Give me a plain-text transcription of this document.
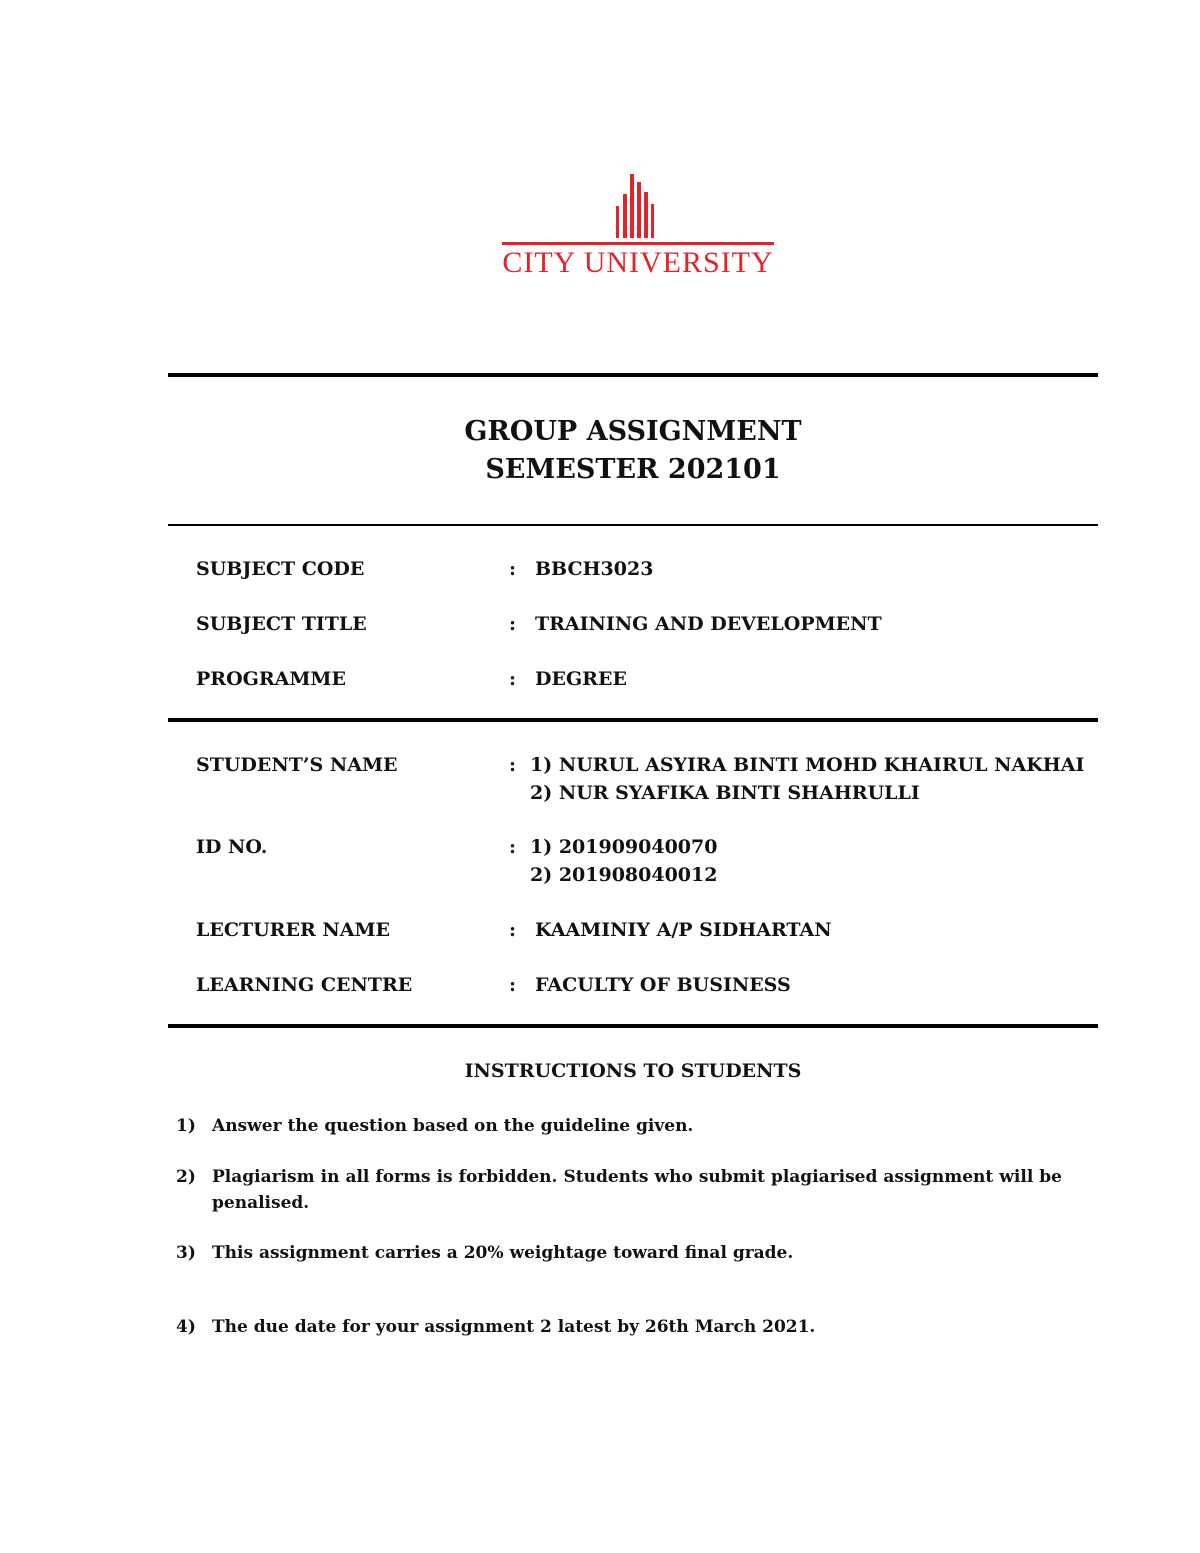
CITY UNIVERSITY
GROUP ASSIGNMENT
SEMESTER 202101
SUBJECT CODE	: BBCH3023
SUBJECT TITLE	: TRAINING AND DEVELOPMENT
PROGRAMME	: DEGREE
STUDENT’S NAME	: 1) NURUL ASYIRA BINTI MOHD KHAIRUL NAKHAI
2) NUR SYAFIKA BINTI SHAHRULLI
ID NO.	: 1) 201909040070
2) 201908040012
LECTURER NAME	: KAAMINIY A/P SIDHARTAN
LEARNING CENTRE	: FACULTY OF BUSINESS
INSTRUCTIONS TO STUDENTS
1) Answer the question based on the guideline given.
2) Plagiarism in all forms is forbidden. Students who submit plagiarised assignment will be penalised.
3) This assignment carries a 20% weightage toward final grade.
4) The due date for your assignment 2 latest by 26th March 2021.
